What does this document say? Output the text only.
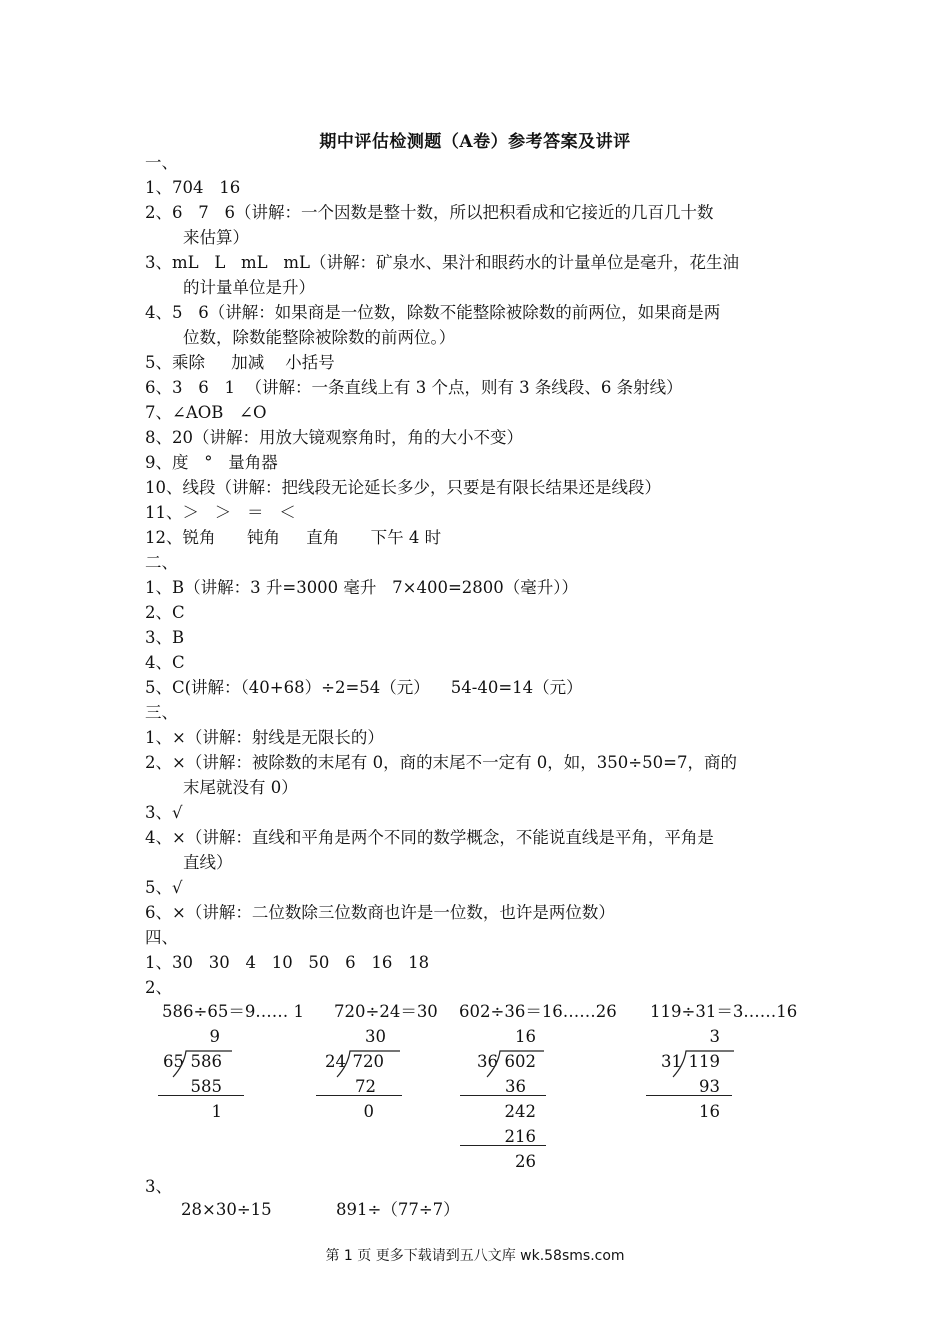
期中评估检测题（A卷）参考答案及讲评
一、
1、704   16
2、6   7   6（讲解：一个因数是整十数，所以把积看成和它接近的几百几十数
来估算）
3、mL   L   mL   mL（讲解：矿泉水、果汁和眼药水的计量单位是毫升，花生油
的计量单位是升）
4、5   6（讲解：如果商是一位数，除数不能整除被除数的前两位，如果商是两
位数，除数能整除被除数的前两位。）
5、乘除     加减    小括号
6、3   6   1  （讲解：一条直线上有 3 个点，则有 3 条线段、6 条射线）
7、∠AOB   ∠O
8、20（讲解：用放大镜观察角时，角的大小不变）
9、度   °   量角器
10、线段（讲解：把线段无论延长多少，只要是有限长结果还是线段）
11、＞   ＞   ＝   ＜
12、锐角      钝角     直角      下午 4 时
二、
1、B（讲解：3 升=3000 毫升   7×400=2800（毫升））
2、C
3、B
4、C
5、C(讲解：（40+68）÷2=54（元）    54-40=14（元）
三、
1、×（讲解：射线是无限长的）
2、×（讲解：被除数的末尾有 0，商的末尾不一定有 0，如，350÷50=7，商的
末尾就没有 0）
3、√
4、×（讲解：直线和平角是两个不同的数学概念，不能说直线是平角，平角是
直线）
5、√
6、×（讲解：二位数除三位数商也许是一位数，也许是两位数）
四、
1、30   30   4   10   50   6   16   18
2、
586÷65＝9…… 1 720÷24＝30 602÷36＝16……26 119÷31＝3……16
9
65 586
585
1
30
24 720
72
0
16
36 602
36
242
216
26
3
31 119
93
16
3、
28×30÷15	891÷（77÷7）
第 1 页 更多下载请到五八文库 wk.58sms.com
